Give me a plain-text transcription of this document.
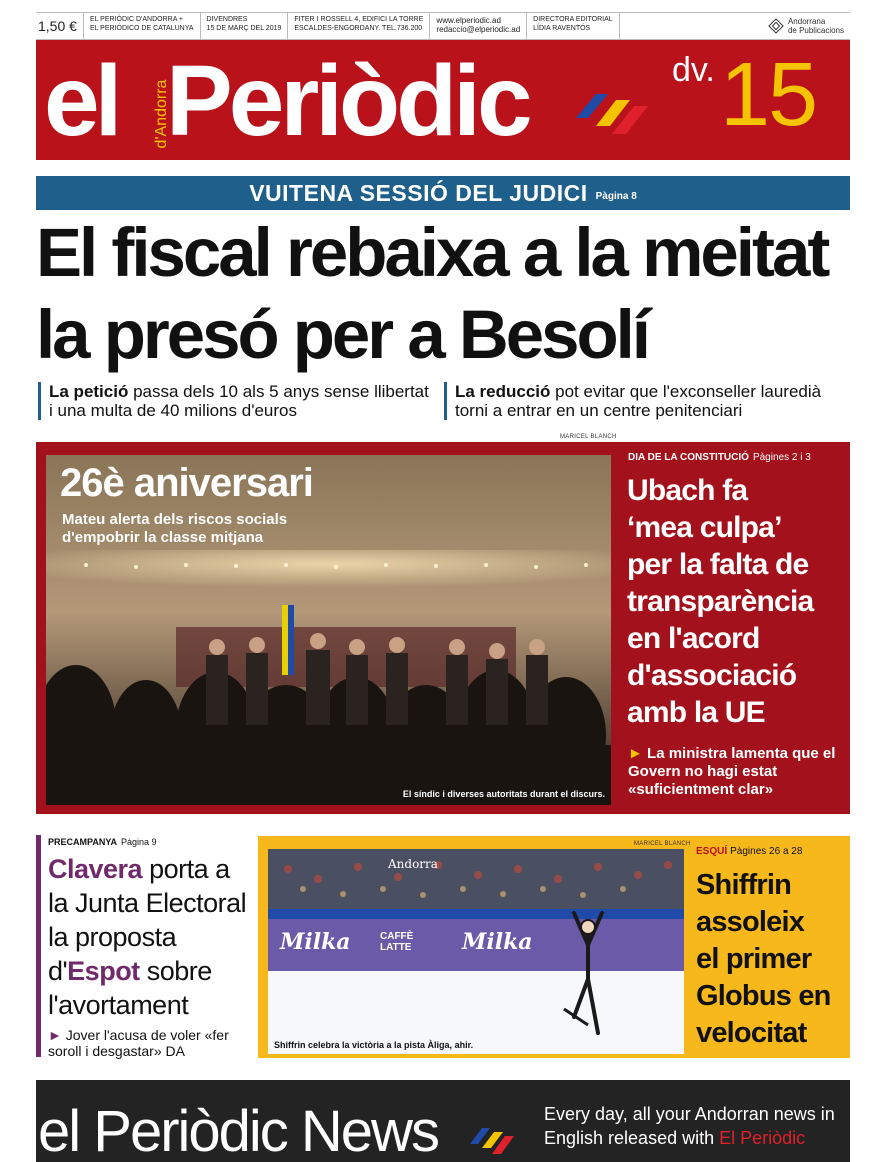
1,50 €	EL PERIÒDIC D'ANDORRA +
EL PERIÓDICO DE CATALUNYA
DIVENDRES
15 DE MARÇ DEL 2019
FITER I ROSSELL 4, EDIFICI LA TORRE
ESCALDES-ENGORDANY. TEL.736.200
www.elperiodic.ad
redaccio@elperiodic.ad
DIRECTORA EDITORIAL
LÍDIA RAVENTÓS
Andorrana
de Publicacions
el	d'Andorra
Periòdic	dv. 15
VUITENA SESSIÓ DEL JUDICI Pàgina 8
El fiscal rebaixa a la meitat
la presó per a Besolí
La petició passa dels 10 als 5 anys sense llibertat i una multa de 40 milions d'euros
La reducció pot evitar que l'exconseller lauredià torni a entrar en un centre penitenciari
MARICEL BLANCH
26è aniversari
Mateu alerta dels riscos socials
d'empobrir la classe mitjana
El síndic i diverses autoritats durant el discurs.
DIA DE LA CONSTITUCIÓ Pàgines 2 i 3
Ubach fa
‘mea culpa’
per la falta de
transparència
en l'acord
d'associació
amb la UE
► La ministra lamenta que el Govern no hagi estat «suficientment clar»
PRECAMPANYA Pàgina 9
Clavera porta a
la Junta Electoral
la proposta
d'Espot sobre
l'avortament
► Jover l'acusa de voler «fer soroll i desgastar» DA
MARICEL BLANCH
Milka	CAFFÈ LATTE	Milka
Andorra
Shiffrin celebra la victòria a la pista Àliga, ahir.
ESQUÍ Pàgines 26 a 28
Shiffrin
assoleix
el primer
Globus en
velocitat
el Periòdic News	Every day, all your Andorran news in
English released with El Periòdic
